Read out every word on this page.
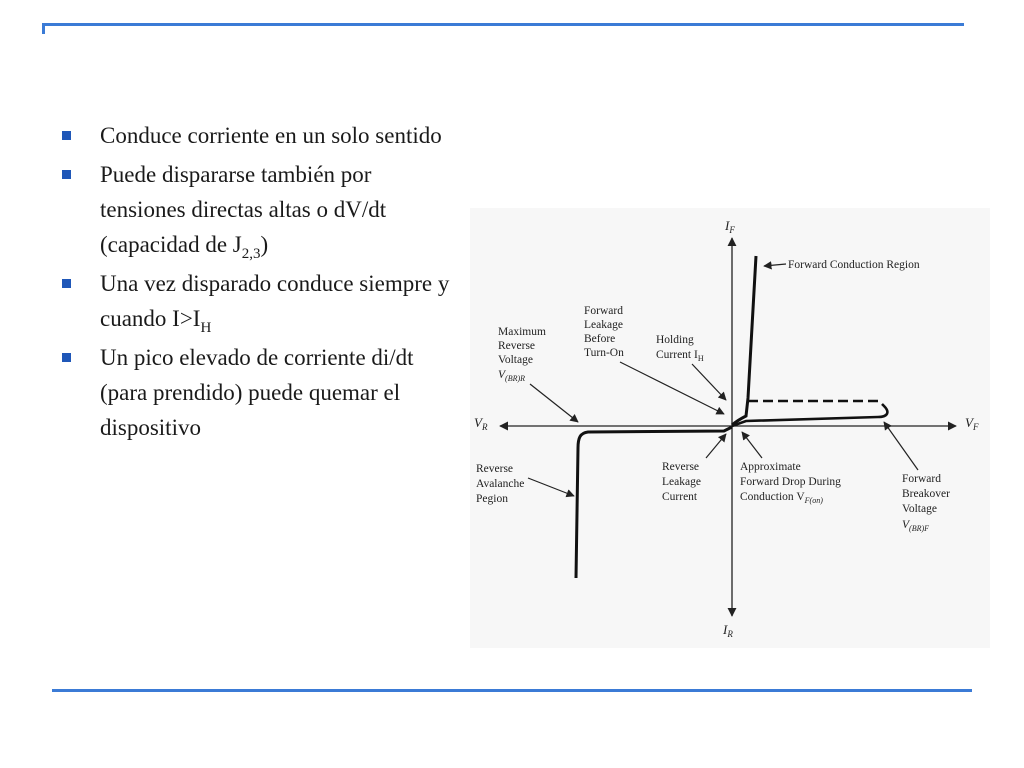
Conduce corriente en un solo sentido
Puede dispararse también por tensiones directas altas o dV/dt (capacidad de $J_{2,3}$)
Una vez disparado conduce siempre y cuando $I>I_H$
Un pico elevado de corriente di/dt (para prendido) puede quemar el dispositivo
$I_F$
$I_R$
$V_F$
$V_R$
Forward Conduction Region
Forward
Leakage
Before
Turn-On
Holding
Current $I_H$
Maximum
Reverse
Voltage
$V_{(BR)R}$
Reverse
Avalanche
Pegion
Reverse
Leakage
Current
Approximate
Forward Drop During
Conduction $V_{F(on)}$
Forward
Breakover
Voltage
$V_{(BR)F}$
